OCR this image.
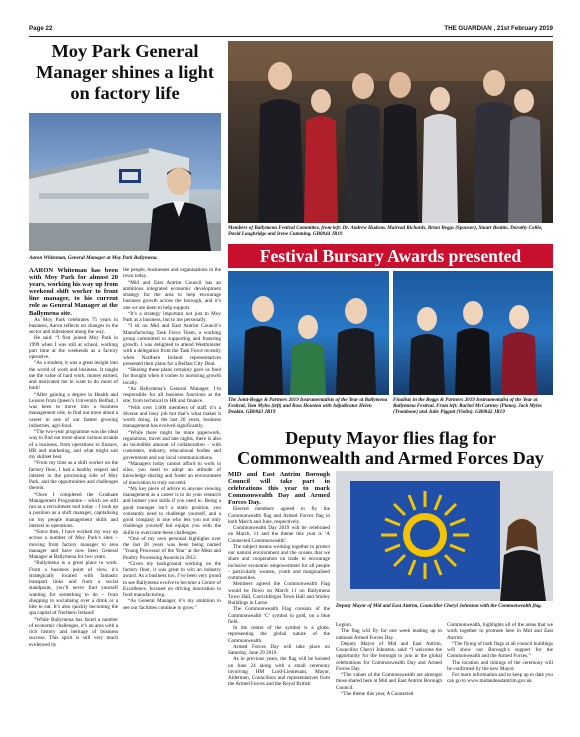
Page 22	THE GUARDIAN , 21st February 2019
Moy Park General Manager shines a light on factory life
Aaron Whiteman, General Manager at Moy Park Ballymena.

AARON Whiteman has been with Moy Park for almost 20 years, working his way up from weekend shift worker to front line manager, to his current role as General Manager at the Ballymena site.

As Moy Park celebrates 75 years in business, Aaron reflects on changes in the sector and milestones along the way.

He said: “I first joined Moy Park in 1999 when I was still at school, working part time at the weekends as a factory operative.

“As a student, it was a great insight into the world of work and business. It taught me the value of hard work, money earned, and motivated me to want to do more of both!

“After gaining a degree in Health and Leisure from Queen’s University Belfast, I was keen to move into a business management role, to find out more about a career in one of our fastest growing industries, agri-food.

“The two-year programme was the ideal way to find out more about various strands of a business, from operations to finance, HR and marketing, and what might suit my skillset best.

“From my time as a shift worker on the factory floor, I had a healthy respect and interest in the processing side of Moy Park, and the opportunities and challenges therein.

“Once I completed the Graduate Management Programme – which we still run as a recruitment tool today – I took up a position as a shift manager, capitalising on my people management skills and interest in operations.

“Since then, I have worked my way up across a number of Moy Park’s sites – moving from factory manager to area manager and have now been General Manager at Ballymena for two years.

“Ballymena is a great place to work. From a business point of view, it’s strategically located with fantastic transport links and from a social standpoint, you’ll never find yourself wanting for something to do – from shopping to socialising over a drink or a bite to eat. It’s also quickly becoming the spa capital of Northern Ireland!

“While Ballymena has faced a number of economic challenges, it’s an area with a rich history and heritage of business success. This spirit is still very much evidenced by

the people, businesses and organisations in the town today.

“Mid and East Antrim Council has an ambitious integrated economic development strategy for the area to help encourage business growth across the borough, and it’s one we are keen to help support.

“It’s a strategy important not just to Moy Park as a business, but to me personally.

“I sit on Mid and East Antrim Council’s Manufacturing Task Force Team, a working group committed to supporting and fostering growth. I was delighted to attend Westminster with a delegation from the Task Force recently when Northern Ireland representatives presented their plans for a Belfast City Deal.

“Hearing these plans certainly gave us food for thought when it comes to nurturing growth locally.

“As Ballymena’s General Manager, I’m responsible for all business functions at the site, from technical to HR and finance.

“With over 1,000 members of staff, it’s a diverse and busy job but that’s what makes it worth doing. In the last 20 years, business management has evolved significantly.

“While there might be more paperwork, regulations, travel and late nights, there is also an incredible amount of collaboration – with customers, industry, educational bodies and government and our local communications.

“Managers today cannot afford to work in silos, you need to adopt an attitude of knowledge sharing and foster an environment of innovation to truly succeed.

“My key piece of advice to anyone viewing management as a career is to do your research and bolster your skills if you need to. Being a good manager isn’t a static position, you constantly need to challenge yourself, and a good company is one who lets you not only challenge yourself but equips you with the skills to overcome these challenges.

“One of my own personal highlights over the last 20 years was been being named ‘Young Processor of the Year’ at the Meat and Poultry Processing Awards in 2012.

“Given my background working on the factory floor, it was great to win an industry award. As a business too, I’ve been very proud to see Ballymena evolve to become a Centre of Excellence, focused on driving innovation in food manufacturing.

“As General Manager, it’s my ambition to see our facilities continue to grow.”

Members of Ballymena Festival Committee, from left: Dr. Andrew Hudson, Mairead Richards, Brian Beggs (Sponsor), Stuart Beattie, Dorothy Collie, David Loughridge and Irene Cumming. GB0844 JR19
Festival Bursary Awards presented
The Joint-Beggs & Partners 2019 Instrumentalists of the Year at Ballymena Festival, Tom Myles (left) and Ross Houston with Adjudicator Helen Deakin. GB0843 JR19
Finalists in the Beggs & Partners 2019 Instrumentalist of the Year at Ballymena Festival. From left: Rachel McCartney (Piano), Jack Myles (Trombone) and Julie Piggott (Violin). GB0842 JR19
Deputy Mayor flies flag for Commonwealth and Armed Forces Day

MID and East Antrim Borough Council will take part in celebrations this year to mark Commonwealth Day and Armed Forces Day.

Elected members agreed to fly the Commonwealth flag and Armed Forces flag in both March and June, respectively.

Commonwealth Day 2019 will be celebrated on March, 11 and the theme this year is ‘A Connected Commonwealth’.

The subject means working together to protect our natural environment and the oceans that we share and cooperation on trade to encourage inclusive economic empowerment for all people - particularly women, youth and marginalised communities.

Members agreed the Commonwealth Flag would be flown on March 11 on Ballymena Town Hall, Carrickfergus Town Hall and Smiley Buildings in Larne.

The Commonwealth Flag consists of the Commonwealth ‘C’ symbol in gold, on a blue field.

In the centre of the symbol is a globe, representing the global nature of the Commonwealth.

Armed Forces Day will take place on Saturday, June 29 2019.

As in previous years, the flag will be hoisted on June 24 along with a small ceremony involving HM Lord-Lieutenant, Mayor, Aldermen, Councillors and representatives from the Armed Forces and the Royal British

Deputy Mayor of Mid and East Antrim, Councillor Cheryl Johnston with the Commonwealth flag.

Legion.

The flag will fly for one week leading up to national Armed Forces Day.

Deputy Mayor of Mid and East Antrim, Councillor Cheryl Johnston, said: “I welcome the opportunity for the borough to join in the global celebrations for Commonwealth Day and Armed Forces Day.

“The values of the Commonwealth are amongst those shared here at Mid and East Antrim Borough Council.

“The theme this year, A Connected

Commonwealth, highlights all of the areas that we work together to promote here in Mid and East Antrim.

“The flying of both flags at all council buildings will show our Borough’s support for the Commonwealth and the Armed Forces.”

The location and timings of the ceremony will be confirmed by the new Mayor.

For more information and to keep up to date you can go to www.midandeastantrim.gov.uk
